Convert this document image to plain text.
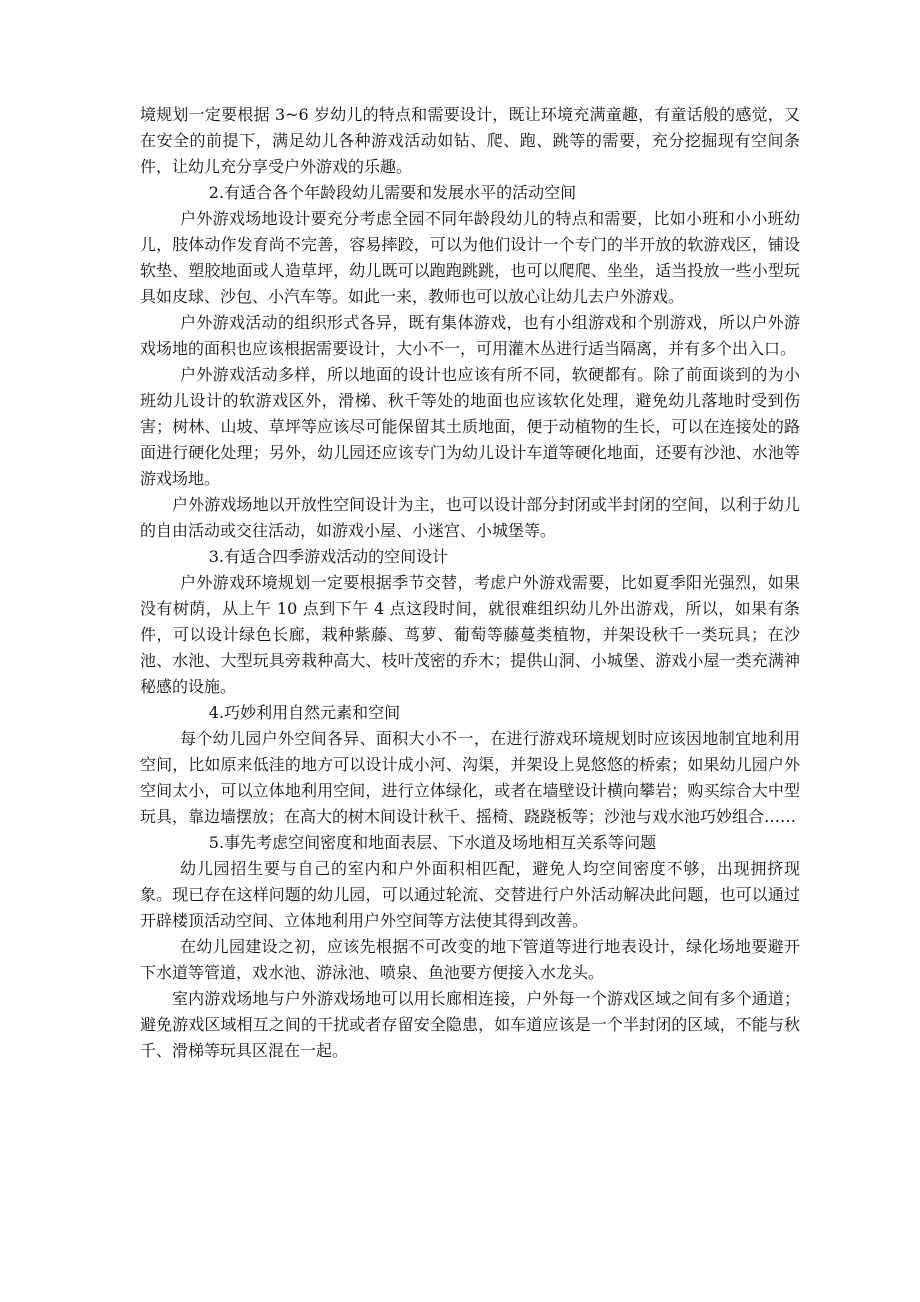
境规划一定要根据 3~6 岁幼儿的特点和需要设计，既让环境充满童趣，有童话般的感觉，又在安全的前提下，满足幼儿各种游戏活动如钻、爬、跑、跳等的需要，充分挖掘现有空间条件，让幼儿充分享受户外游戏的乐趣。

2.有适合各个年龄段幼儿需要和发展水平的活动空间

户外游戏场地设计要充分考虑全园不同年龄段幼儿的特点和需要，比如小班和小小班幼儿，肢体动作发育尚不完善，容易摔跤，可以为他们设计一个专门的半开放的软游戏区，铺设软垫、塑胶地面或人造草坪，幼儿既可以跑跑跳跳，也可以爬爬、坐坐，适当投放一些小型玩具如皮球、沙包、小汽车等。如此一来，教师也可以放心让幼儿去户外游戏。

户外游戏活动的组织形式各异，既有集体游戏，也有小组游戏和个别游戏，所以户外游戏场地的面积也应该根据需要设计，大小不一，可用灌木丛进行适当隔离，并有多个出入口。

户外游戏活动多样，所以地面的设计也应该有所不同，软硬都有。除了前面谈到的为小班幼儿设计的软游戏区外，滑梯、秋千等处的地面也应该软化处理，避免幼儿落地时受到伤害；树林、山坡、草坪等应该尽可能保留其土质地面，便于动植物的生长，可以在连接处的路面进行硬化处理；另外，幼儿园还应该专门为幼儿设计车道等硬化地面，还要有沙池、水池等游戏场地。

户外游戏场地以开放性空间设计为主，也可以设计部分封闭或半封闭的空间，以利于幼儿的自由活动或交往活动，如游戏小屋、小迷宫、小城堡等。

3.有适合四季游戏活动的空间设计

户外游戏环境规划一定要根据季节交替，考虑户外游戏需要，比如夏季阳光强烈，如果没有树荫，从上午 10 点到下午 4 点这段时间，就很难组织幼儿外出游戏，所以，如果有条件，可以设计绿色长廊，栽种紫藤、茑萝、葡萄等藤蔓类植物，并架设秋千一类玩具；在沙池、水池、大型玩具旁栽种高大、枝叶茂密的乔木；提供山洞、小城堡、游戏小屋一类充满神秘感的设施。

4.巧妙利用自然元素和空间

每个幼儿园户外空间各异、面积大小不一，在进行游戏环境规划时应该因地制宜地利用空间，比如原来低洼的地方可以设计成小河、沟渠，并架设上晃悠悠的桥索；如果幼儿园户外空间太小，可以立体地利用空间，进行立体绿化，或者在墙壁设计横向攀岩；购买综合大中型玩具，靠边墙摆放；在高大的树木间设计秋千、摇椅、跷跷板等；沙池与戏水池巧妙组合……

5.事先考虑空间密度和地面表层、下水道及场地相互关系等问题

幼儿园招生要与自己的室内和户外面积相匹配，避免人均空间密度不够，出现拥挤现象。现已存在这样问题的幼儿园，可以通过轮流、交替进行户外活动解决此问题，也可以通过开辟楼顶活动空间、立体地利用户外空间等方法使其得到改善。

在幼儿园建设之初，应该先根据不可改变的地下管道等进行地表设计，绿化场地要避开下水道等管道，戏水池、游泳池、喷泉、鱼池要方便接入水龙头。

室内游戏场地与户外游戏场地可以用长廊相连接，户外每一个游戏区域之间有多个通道；避免游戏区域相互之间的干扰或者存留安全隐患，如车道应该是一个半封闭的区域，不能与秋千、滑梯等玩具区混在一起。
